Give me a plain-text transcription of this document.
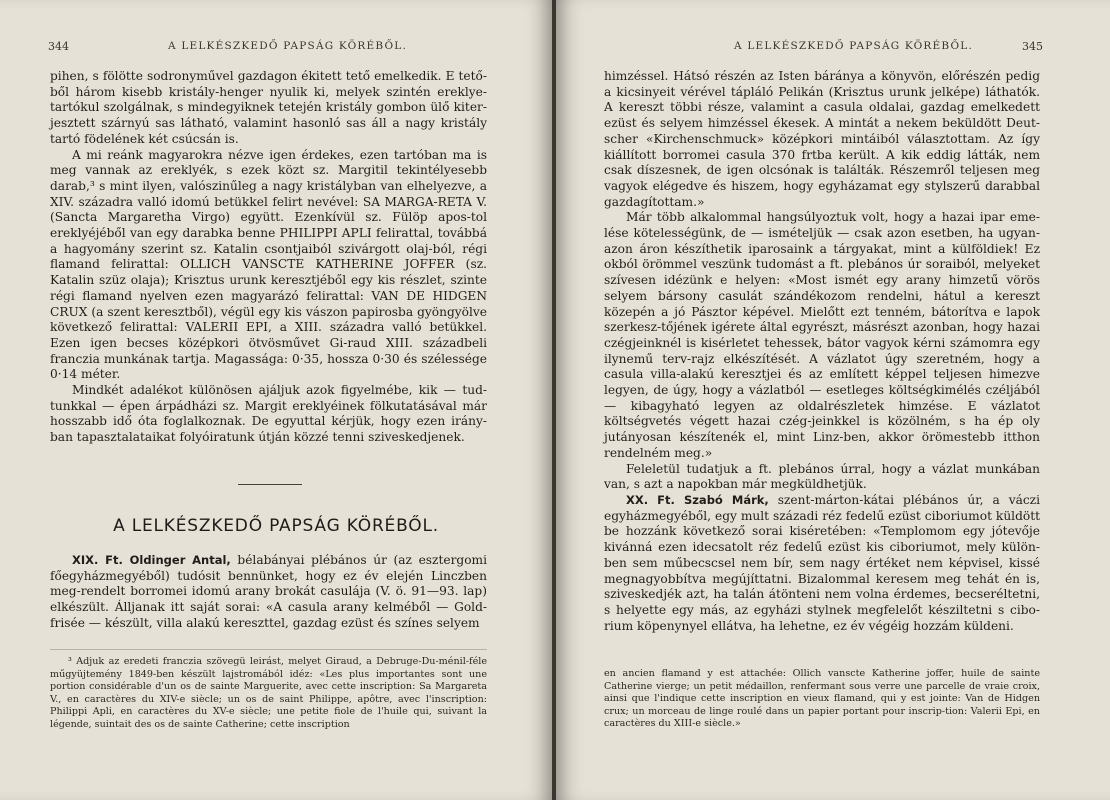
344	A LELKÉSZKEDŐ PAPSÁG KÖRÉBŐL.

pihen, s fölötte sodronyművel gazdagon ékitett tető emelkedik. E tető-ből három kisebb kristály-henger nyulik ki, melyek szintén ereklye-tartókul szolgálnak, s mindegyiknek tetején kristály gombon ülő kiter-jesztett szárnyú sas látható, valamint hasonló sas áll a nagy kristály tartó födelének két csúcsán is.

A mi reánk magyarokra nézve igen érdekes, ezen tartóban ma is meg vannak az ereklyék, s ezek közt sz. Margitil tekintélyesebb darab,³ s mint ilyen, valószinűleg a nagy kristályban van elhelyezve, a XIV. századra valló idomú betükkel felirt nevével: SA MARGA-RETA V. (Sancta Margaretha Virgo) együtt. Ezenkívül sz. Fülöp apos-tol ereklyéjéből van egy darabka benne PHILIPPI APLI felirattal, továbbá a hagyomány szerint sz. Katalin csontjaiból szivárgott olaj-ból, régi flamand felirattal: OLLICH VANSCTE KATHERINE JOFFER (sz. Katalin szüz olaja); Krisztus urunk keresztjéből egy kis részlet, szinte régi flamand nyelven ezen magyarázó felirattal: VAN DE HIDGEN CRUX (a szent keresztből), végül egy kis vászon papirosba gyöngyölve következő felirattal: VALERII EPI, a XIII. századra valló betükkel. Ezen igen becses középkori ötvösművet Gi-raud XIII. századbeli franczia munkának tartja. Magassága: 0·35, hossza 0·30 és szélessége 0·14 méter.

Mindkét adalékot különösen ajáljuk azok figyelmébe, kik — tud-tunkkal — épen árpádházi sz. Margit ereklyéinek fölkutatásával már hosszabb idő óta foglalkoznak. De egyuttal kérjük, hogy ezen irány-ban tapasztalataikat folyóiratunk útján közzé tenni sziveskedjenek.

A LELKÉSZKEDŐ PAPSÁG KÖRÉBŐL.

XIX. Ft. Oldinger Antal, bélabányai plébános úr (az esztergomi főegyházmegyéből) tudósit bennünket, hogy ez év elején Linczben meg-rendelt borromei idomú arany brokát casulája (V. ö. 91—93. lap) elkészült. Álljanak itt saját sorai: «A casula arany kelméből — Gold-frisée — készült, villa alakú kereszttel, gazdag ezüst és színes selyem

³ Adjuk az eredeti franczia szövegü leirást, melyet Giraud, a Debruge-Du-ménil-féle műgyüjtemény 1849-ben készült lajstromából idéz: «Les plus importantes sont une portion considérable d'un os de sainte Marguerite, avec cette inscription: Sa Margareta V., en caractères du XIV-e siècle; un os de saint Philippe, apôtre, avec l'inscription: Philippi Apli, en caractères du XV-e siècle; une petite fiole de l'huile qui, suivant la légende, suintait des os de sainte Catherine; cette inscription

A LELKÉSZKEDŐ PAPSÁG KÖRÉBŐL.	345

himzéssel. Hátsó részén az Isten báránya a könyvön, előrészén pedig a kicsinyeit vérével tápláló Pelikán (Krisztus urunk jelképe) láthatók. A kereszt többi része, valamint a casula oldalai, gazdag emelkedett ezüst és selyem himzéssel ékesek. A mintát a nekem beküldött Deut-scher «Kirchenschmuck» középkori mintáiból választottam. Az így kiállított borromei casula 370 frtba került. A kik eddig látták, nem csak díszesnek, de igen olcsónak is találták. Részemről teljesen meg vagyok elégedve és hiszem, hogy egyházamat egy stylszerű darabbal gazdagítottam.»

Már több alkalommal hangsúlyoztuk volt, hogy a hazai ipar eme-lése kötelességünk, de — ismételjük — csak azon esetben, ha ugyan-azon áron készíthetik iparosaink a tárgyakat, mint a külföldiek! Ez okból örömmel veszünk tudomást a ft. plebános úr soraiból, melyeket szívesen idézünk e helyen: «Most ismét egy arany himzetű vörös selyem bársony casulát szándékozom rendelni, hátul a kereszt közepén a jó Pásztor képével. Mielőtt ezt tenném, bátorítva e lapok szerkesz-tőjének igérete által egyrészt, másrészt azonban, hogy hazai czégjeinknél is kisérletet tehessek, bátor vagyok kérni számomra egy ilynemű terv-rajz elkészítését. A vázlatot úgy szeretném, hogy a casula villa-alakú keresztjei és az említett képpel teljesen himezve legyen, de úgy, hogy a vázlatból — esetleges költségkimélés czéljából — kibagyható legyen az oldalrészletek himzése. E vázlatot költségvetés végett hazai czég-jeinkkel is közölném, s ha ép oly jutányosan készítenék el, mint Linz-ben, akkor örömestebb itthon rendelném meg.»

Feleletül tudatjuk a ft. plebános úrral, hogy a vázlat munkában van, s azt a napokban már megküldhetjük.

XX. Ft. Szabó Márk, szent-márton-kátai plébános úr, a váczi egyházmegyéből, egy mult századi réz fedelű ezüst ciboriumot küldött be hozzánk következő sorai kiséretében: «Templomom egy jótevője kivánná ezen idecsatolt réz fedelű ezüst kis ciboriumot, mely külön-ben sem műbecscsel nem bír, sem nagy értéket nem képvisel, kissé megnagyobbítva megújíttatni. Bizalommal keresem meg tehát én is, sziveskedjék azt, ha talán átönteni nem volna érdemes, becseréltetni, s helyette egy más, az egyházi stylnek megfelelőt késziltetni s cibo-rium köpenynyel ellátva, ha lehetne, ez év végéig hozzám küldeni.

en ancien flamand y est attachée: Ollich vanscte Katherine joffer, huile de sainte Catherine vierge; un petit médaillon, renfermant sous verre une parcelle de vraie croix, ainsi que l'indique cette inscription en vieux flamand, qui y est jointe: Van de Hidgen crux; un morceau de linge roulé dans un papier portant pour inscrip-tion: Valerii Epi, en caractères du XIII-e siècle.»
